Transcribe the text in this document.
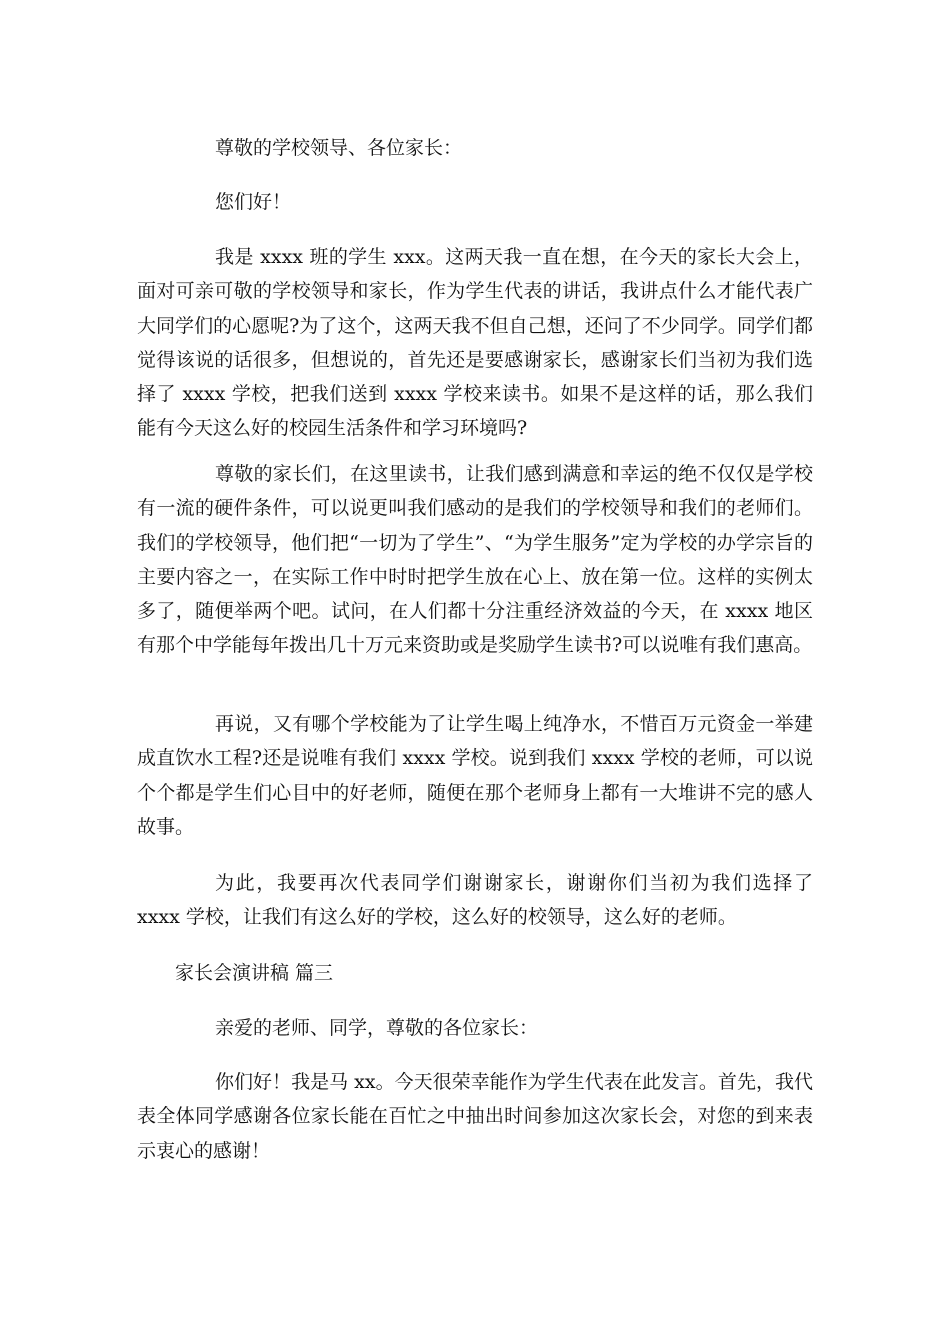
尊敬的学校领导、各位家长：

您们好！

我是 xxxx 班的学生 xxx。这两天我一直在想，在今天的家长大会上，面对可亲可敬的学校领导和家长，作为学生代表的讲话，我讲点什么才能代表广大同学们的心愿呢?为了这个，这两天我不但自己想，还问了不少同学。同学们都觉得该说的话很多，但想说的，首先还是要感谢家长，感谢家长们当初为我们选择了 xxxx 学校，把我们送到 xxxx 学校来读书。如果不是这样的话，那么我们能有今天这么好的校园生活条件和学习环境吗?

尊敬的家长们，在这里读书，让我们感到满意和幸运的绝不仅仅是学校有一流的硬件条件，可以说更叫我们感动的是我们的学校领导和我们的老师们。我们的学校领导，他们把“一切为了学生”、“为学生服务”定为学校的办学宗旨的主要内容之一，在实际工作中时时把学生放在心上、放在第一位。这样的实例太多了，随便举两个吧。试问，在人们都十分注重经济效益的今天，在 xxxx 地区有那个中学能每年拨出几十万元来资助或是奖励学生读书?可以说唯有我们惠高。

再说，又有哪个学校能为了让学生喝上纯净水，不惜百万元资金一举建成直饮水工程?还是说唯有我们 xxxx 学校。说到我们 xxxx 学校的老师，可以说个个都是学生们心目中的好老师，随便在那个老师身上都有一大堆讲不完的感人故事。

为此，我要再次代表同学们谢谢家长，谢谢你们当初为我们选择了 xxxx 学校，让我们有这么好的学校，这么好的校领导，这么好的老师。

家长会演讲稿 篇三

亲爱的老师、同学，尊敬的各位家长：

你们好！我是马 xx。今天很荣幸能作为学生代表在此发言。首先，我代表全体同学感谢各位家长能在百忙之中抽出时间参加这次家长会，对您的到来表示衷心的感谢！
